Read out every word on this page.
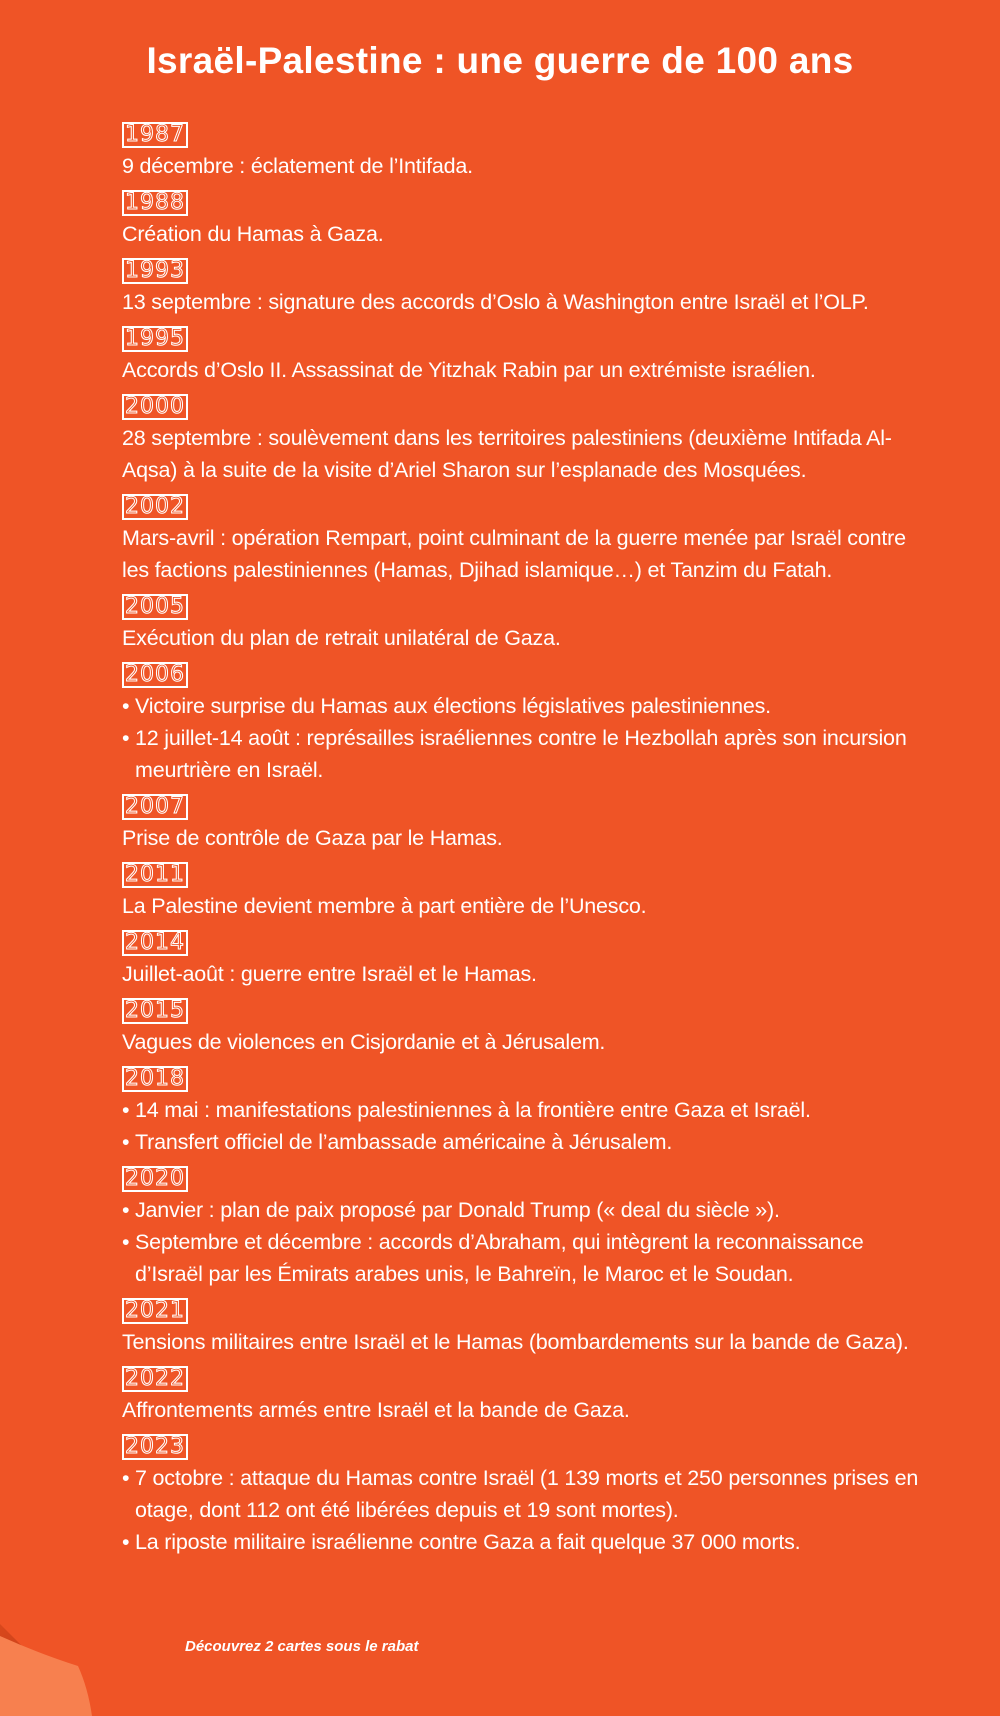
Israël-Palestine : une guerre de 100 ans
1987
9 décembre : éclatement de l’Intifada.
1988
Création du Hamas à Gaza.
1993
13 septembre : signature des accords d’Oslo à Washington entre Israël et l’OLP.
1995
Accords d’Oslo II. Assassinat de Yitzhak Rabin par un extrémiste israélien.
2000
28 septembre : soulèvement dans les territoires palestiniens (deuxième Intifada Al-Aqsa) à la suite de la visite d’Ariel Sharon sur l’esplanade des Mosquées.
2002
Mars-avril : opération Rempart, point culminant de la guerre menée par Israël contre les factions palestiniennes (Hamas, Djihad islamique…) et Tanzim du Fatah.
2005
Exécution du plan de retrait unilatéral de Gaza.
2006
• Victoire surprise du Hamas aux élections législatives palestiniennes.
• 12 juillet-14 août : représailles israéliennes contre le Hezbollah après son incursion meurtrière en Israël.
2007
Prise de contrôle de Gaza par le Hamas.
2011
La Palestine devient membre à part entière de l’Unesco.
2014
Juillet-août : guerre entre Israël et le Hamas.
2015
Vagues de violences en Cisjordanie et à Jérusalem.
2018
• 14 mai : manifestations palestiniennes à la frontière entre Gaza et Israël.
• Transfert officiel de l’ambassade américaine à Jérusalem.
2020
• Janvier : plan de paix proposé par Donald Trump (« deal du siècle »).
• Septembre et décembre : accords d’Abraham, qui intègrent la reconnaissance d’Israël par les Émirats arabes unis, le Bahreïn, le Maroc et le Soudan.
2021
Tensions militaires entre Israël et le Hamas (bombardements sur la bande de Gaza).
2022
Affrontements armés entre Israël et la bande de Gaza.
2023
• 7 octobre : attaque du Hamas contre Israël (1 139 morts et 250 personnes prises en otage, dont 112 ont été libérées depuis et 19 sont mortes).
• La riposte militaire israélienne contre Gaza a fait quelque 37 000 morts.
Découvrez 2 cartes sous le rabat
